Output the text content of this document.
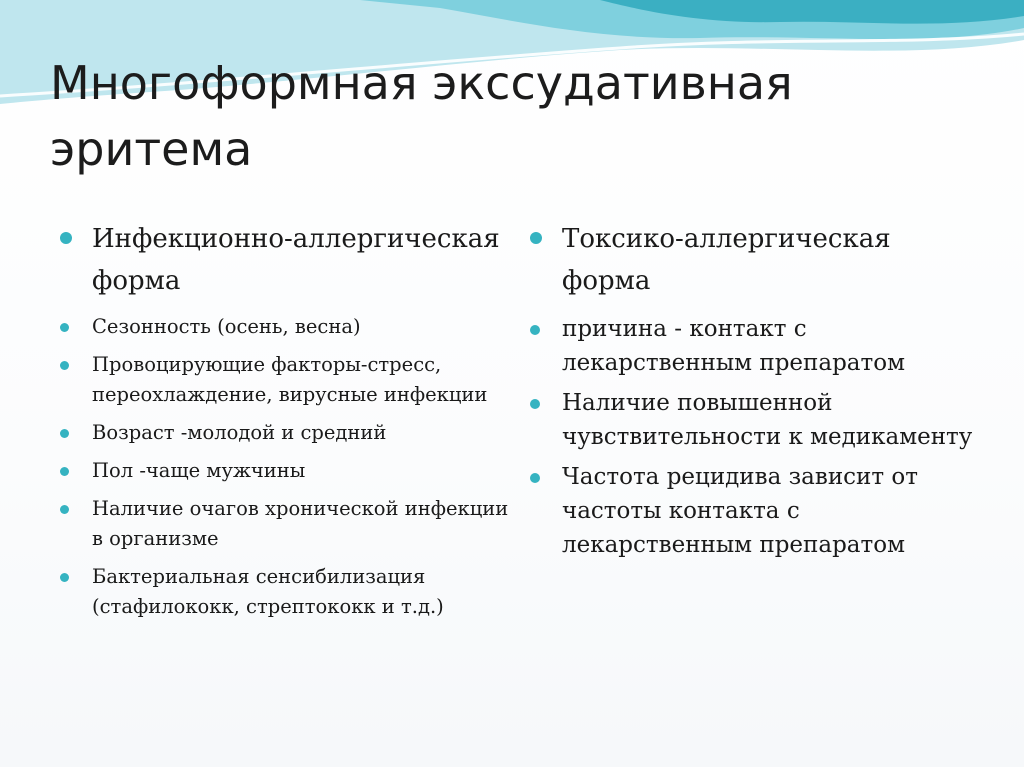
Многоформная экссудативная эритема
Инфекционно-аллергическая форма
Сезонность (осень, весна)
Провоцирующие факторы-стресс, переохлаждение, вирусные инфекции
Возраст -молодой и средний
Пол -чаще мужчины
Наличие очагов хронической инфекции в организме
Бактериальная сенсибилизация (стафилококк, стрептококк и т.д.)
Токсико-аллергическая форма
причина - контакт с лекарственным препаратом
Наличие повышенной чувствительности к медикаменту
Частота рецидива зависит от частоты контакта с лекарственным препаратом
